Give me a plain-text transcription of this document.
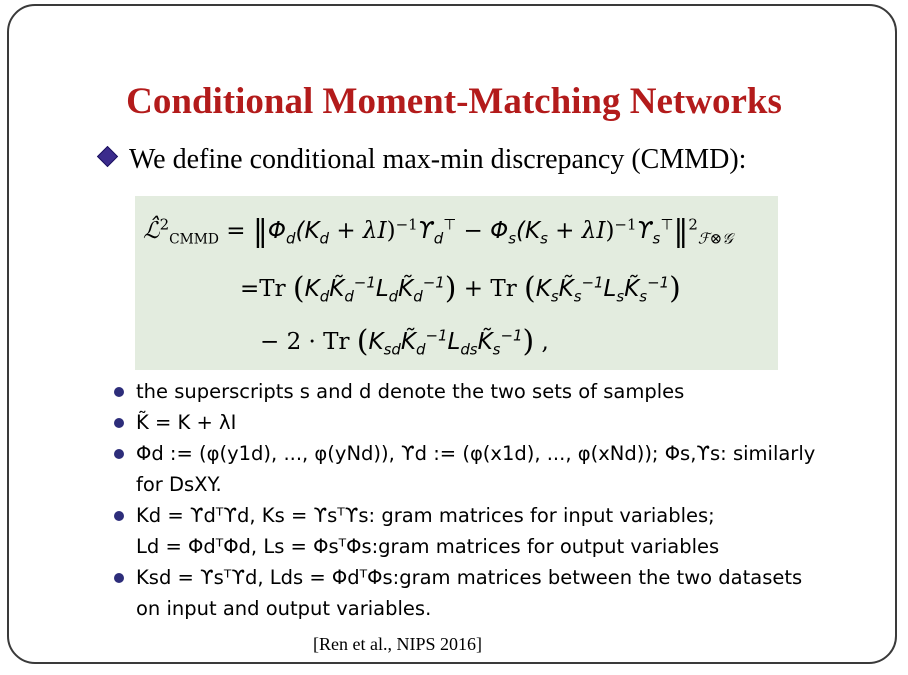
Conditional Moment-Matching Networks
We define conditional max-min discrepancy (CMMD):
ℒ̂$^2_{CMMD}$ = $‖\Phi_d(K_d + \lambda I)^{-1}ϒ_d^⊤ - \Phi_s(K_s$ + $\lambda I)^{-1}ϒ_s^⊤‖^2_{ℱ\otimes 𝒢}$
=Tr $(K_dK̃_d^{-1}L_dK̃_d^{-1}) + Tr$ $(K_sK̃_s^{-1}L_sK̃_s^{-1})$
− 2 · Tr $(K_{sd}K̃_d^{-1}L_{ds}K̃_s^{-1})$ ,
the superscripts s and d denote the two sets of samples
K̃ = K + λI
Φd := (φ(y1d), ..., φ(yNd)), ϒd := (φ(x1d), ..., φ(xNd)); Φs,ϒs: similarly
for DsXY.
Kd = ϒdᵀϒd, Ks = ϒsᵀϒs: gram matrices for input variables;
Ld = ΦdᵀΦd, Ls = ΦsᵀΦs:gram matrices for output variables
Ksd = ϒsᵀϒd, Lds = ΦdᵀΦs:gram matrices between the two datasets
on input and output variables.
[Ren et al., NIPS 2016]
